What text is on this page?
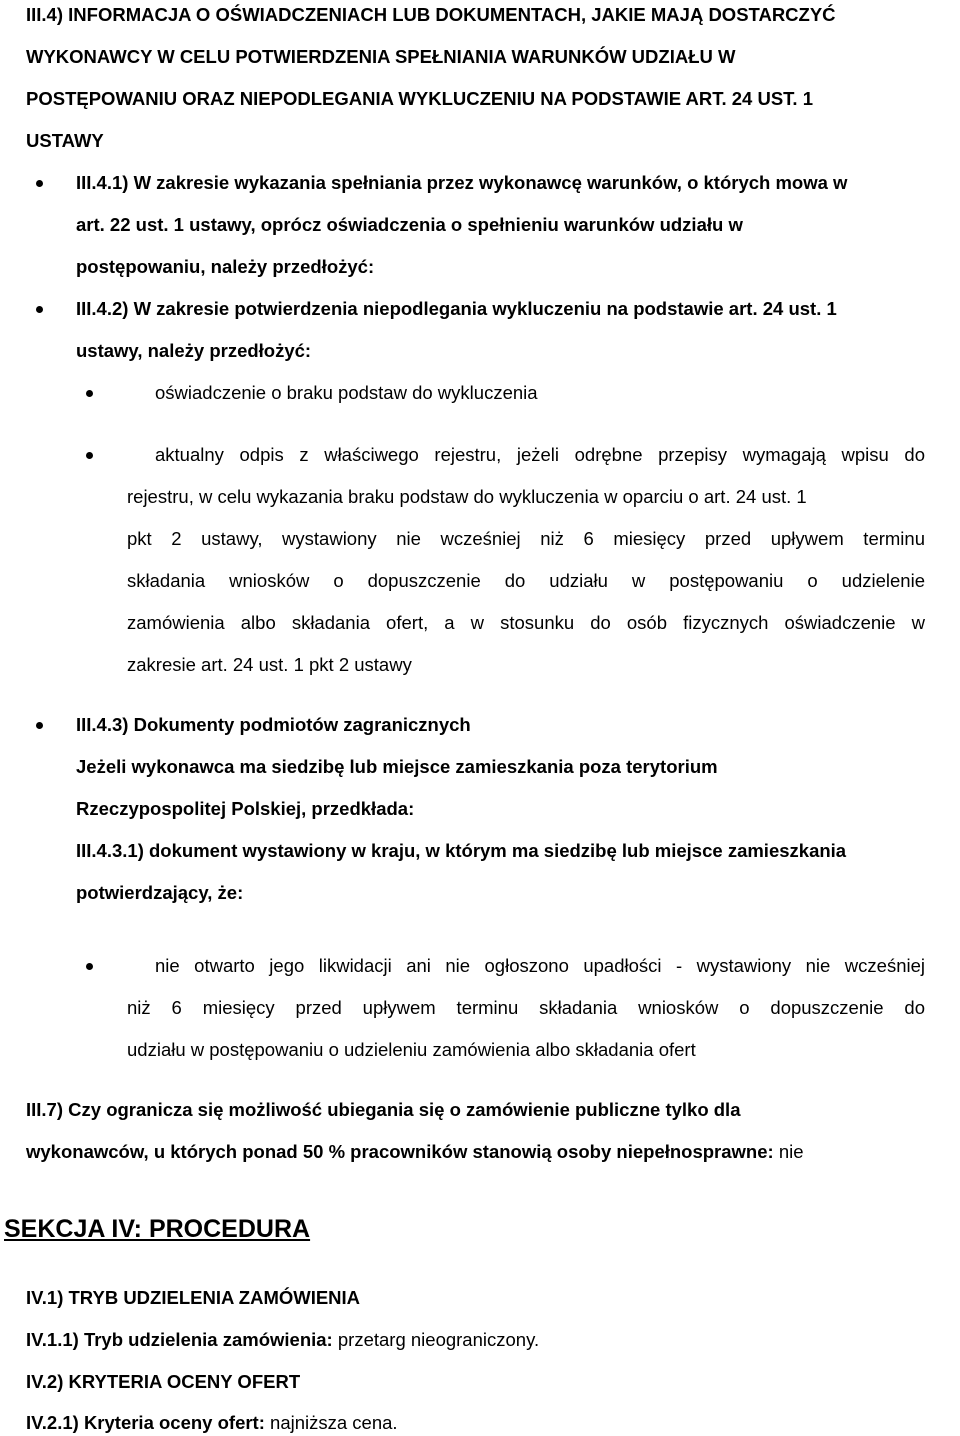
III.4) INFORMACJA O OŚWIADCZENIACH LUB DOKUMENTACH, JAKIE MAJĄ DOSTARCZYĆ
WYKONAWCY W CELU POTWIERDZENIA SPEŁNIANIA WARUNKÓW UDZIAŁU W
POSTĘPOWANIU ORAZ NIEPODLEGANIA WYKLUCZENIU NA PODSTAWIE ART. 24 UST. 1
USTAWY
III.4.1) W zakresie wykazania spełniania przez wykonawcę warunków, o których mowa w
art. 22 ust. 1 ustawy, oprócz oświadczenia o spełnieniu warunków udziału w
postępowaniu, należy przedłożyć:
III.4.2) W zakresie potwierdzenia niepodlegania wykluczeniu na podstawie art. 24 ust. 1
ustawy, należy przedłożyć:
oświadczenie o braku podstaw do wykluczenia
aktualny odpis z właściwego rejestru, jeżeli odrębne przepisy wymagają wpisu do
rejestru, w celu wykazania braku podstaw do wykluczenia w oparciu o art. 24 ust. 1
pkt 2 ustawy, wystawiony nie wcześniej niż 6 miesięcy przed upływem terminu
składania wniosków o dopuszczenie do udziału w postępowaniu o udzielenie
zamówienia albo składania ofert, a w stosunku do osób fizycznych oświadczenie w
zakresie art. 24 ust. 1 pkt 2 ustawy
III.4.3) Dokumenty podmiotów zagranicznych
Jeżeli wykonawca ma siedzibę lub miejsce zamieszkania poza terytorium
Rzeczypospolitej Polskiej, przedkłada:
III.4.3.1) dokument wystawiony w kraju, w którym ma siedzibę lub miejsce zamieszkania
potwierdzający, że:
nie otwarto jego likwidacji ani nie ogłoszono upadłości - wystawiony nie wcześniej
niż 6 miesięcy przed upływem terminu składania wniosków o dopuszczenie do
udziału w postępowaniu o udzieleniu zamówienia albo składania ofert
III.7) Czy ogranicza się możliwość ubiegania się o zamówienie publiczne tylko dla
wykonawców, u których ponad 50 % pracowników stanowią osoby niepełnosprawne: nie
SEKCJA IV: PROCEDURA
IV.1) TRYB UDZIELENIA ZAMÓWIENIA
IV.1.1) Tryb udzielenia zamówienia: przetarg nieograniczony.
IV.2) KRYTERIA OCENY OFERT
IV.2.1) Kryteria oceny ofert: najniższa cena.
